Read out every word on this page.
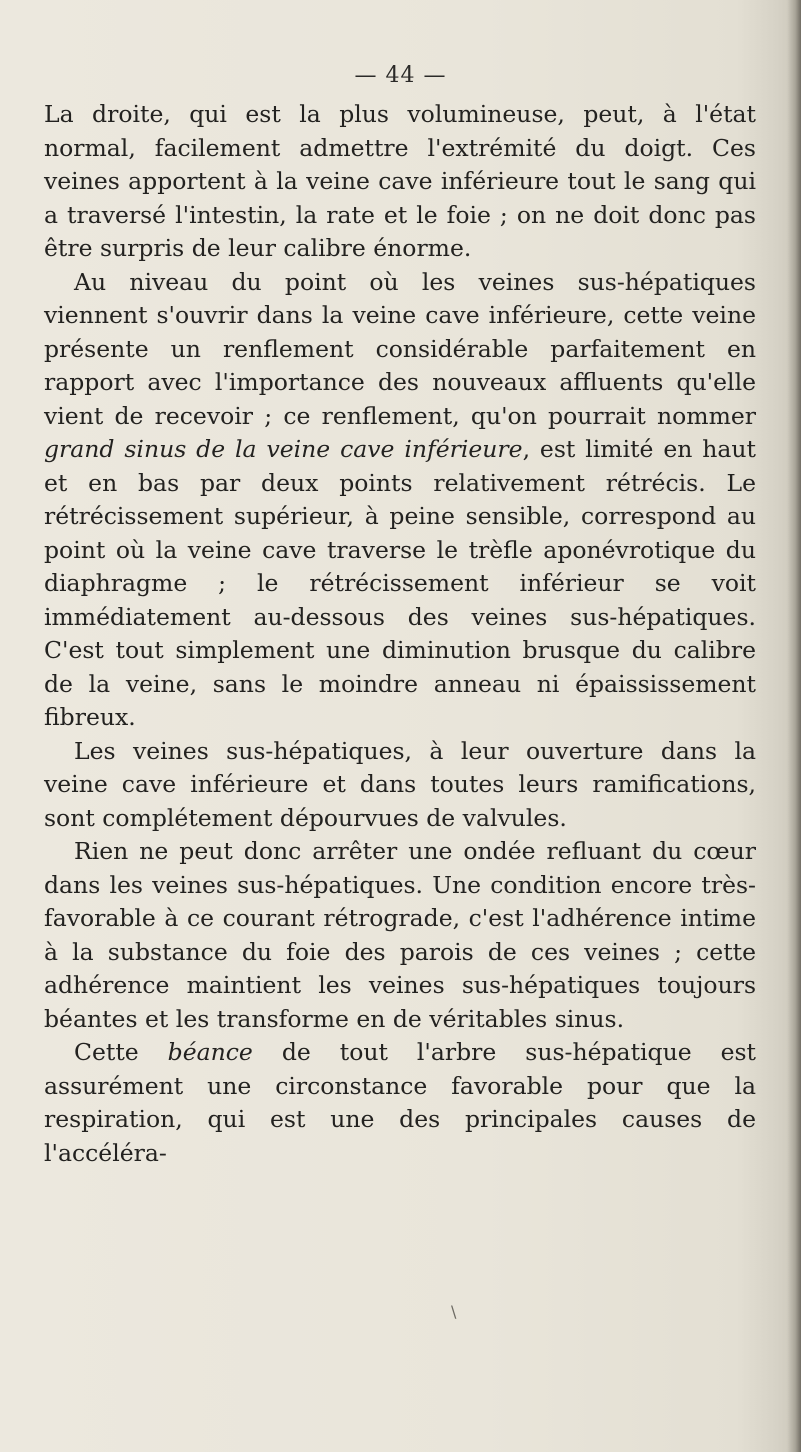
— 44 —

La droite, qui est la plus volumineuse, peut, à l'état normal, facilement admettre l'extrémité du doigt. Ces veines apportent à la veine cave inférieure tout le sang qui a traversé l'intestin, la rate et le foie ; on ne doit donc pas être surpris de leur calibre énorme.

Au niveau du point où les veines sus-hépatiques viennent s'ouvrir dans la veine cave inférieure, cette veine présente un renflement considérable parfaitement en rapport avec l'importance des nouveaux affluents qu'elle vient de recevoir ; ce renflement, qu'on pourrait nommer grand sinus de la veine cave inférieure, est limité en haut et en bas par deux points relativement rétrécis. Le rétrécissement supérieur, à peine sensible, correspond au point où la veine cave traverse le trèfle aponévrotique du diaphragme ; le rétrécissement inférieur se voit immédiatement au-dessous des veines sus-hépatiques. C'est tout simplement une diminution brusque du calibre de la veine, sans le moindre anneau ni épaississement fibreux.

Les veines sus-hépatiques, à leur ouverture dans la veine cave inférieure et dans toutes leurs ramifications, sont complétement dépourvues de valvules.

Rien ne peut donc arrêter une ondée refluant du cœur dans les veines sus-hépatiques. Une condition encore très-favorable à ce courant rétrograde, c'est l'adhérence intime à la substance du foie des parois de ces veines ; cette adhérence maintient les veines sus-hépatiques toujours béantes et les transforme en de véritables sinus.

Cette béance de tout l'arbre sus-hépatique est assurément une circonstance favorable pour que la respiration, qui est une des principales causes de l'accéléra-

\
